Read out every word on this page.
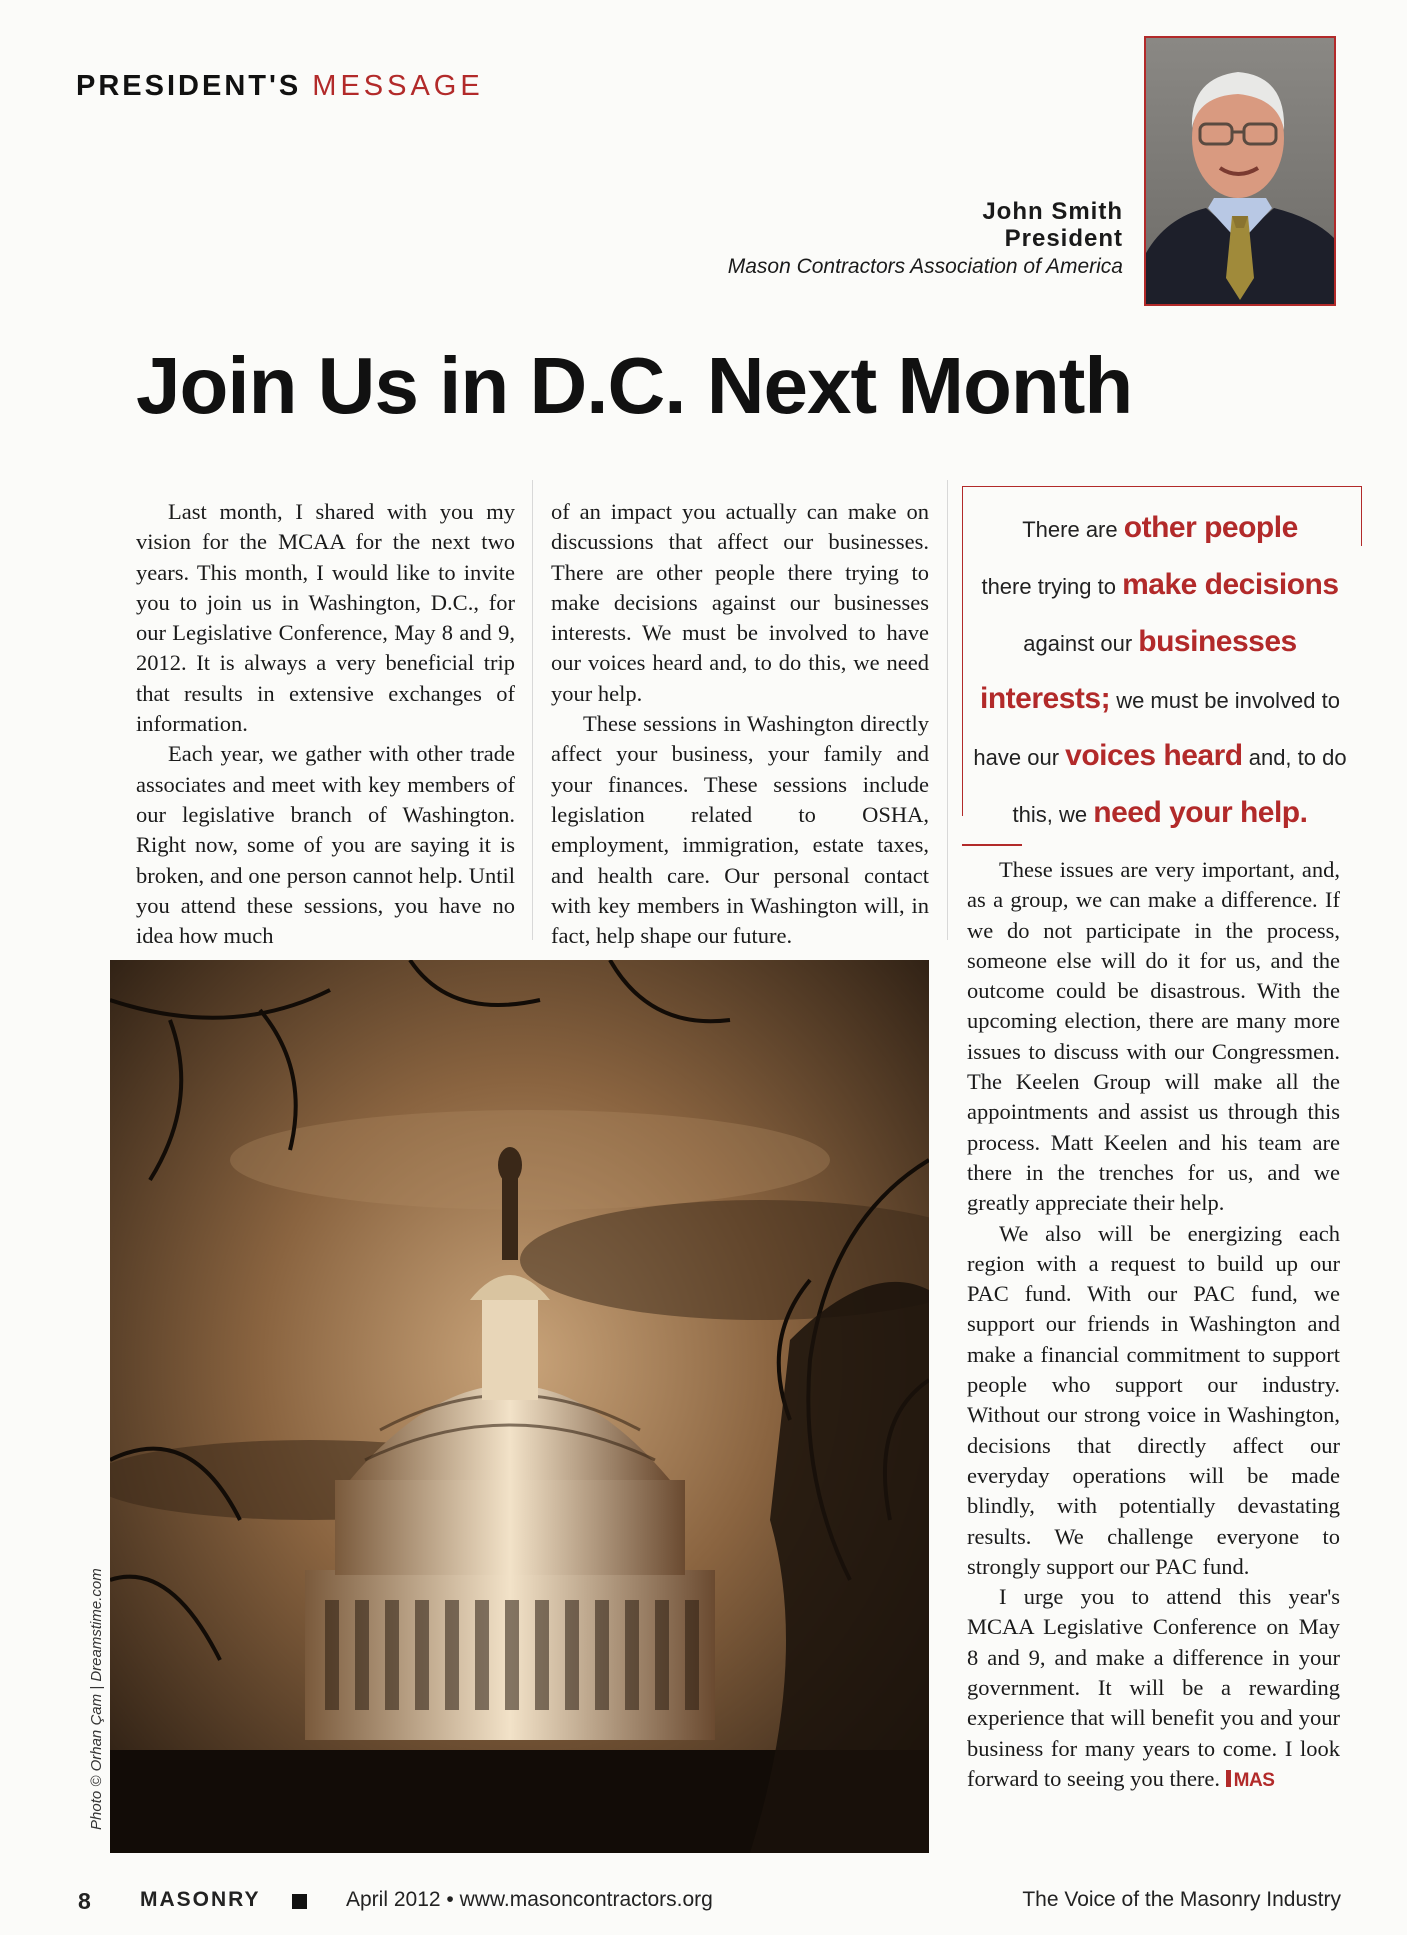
PRESIDENT'S MESSAGE
John Smith
President
Mason Contractors Association of America
Join Us in D.C. Next Month

Last month, I shared with you my vision for the MCAA for the next two years. This month, I would like to invite you to join us in Washington, D.C., for our Legislative Conference, May 8 and 9, 2012. It is always a very beneficial trip that results in extensive exchanges of information.

Each year, we gather with other trade associates and meet with key members of our legislative branch of Washington. Right now, some of you are saying it is broken, and one person cannot help. Until you attend these sessions, you have no idea how much

of an impact you actually can make on discussions that affect our businesses. There are other people there trying to make decisions against our businesses interests. We must be involved to have our voices heard and, to do this, we need your help.

These sessions in Washington directly affect your business, your family and your finances. These sessions include legislation related to OSHA, employment, immigration, estate taxes, and health care. Our personal contact with key members in Washington will, in fact, help shape our future.

There are other people
there trying to make decisions
against our businesses
interests; we must be involved to
have our voices heard and, to do
this, we need your help.

These issues are very important, and, as a group, we can make a difference. If we do not participate in the process, someone else will do it for us, and the outcome could be disastrous. With the upcoming election, there are many more issues to discuss with our Congressmen. The Keelen Group will make all the appointments and assist us through this process. Matt Keelen and his team are there in the trenches for us, and we greatly appreciate their help.

We also will be energizing each region with a request to build up our PAC fund. With our PAC fund, we support our friends in Washington and make a financial commitment to support people who support our industry. Without our strong voice in Washington, decisions that directly affect our everyday operations will be made blindly, with potentially devastating results. We challenge everyone to strongly support our PAC fund.

I urge you to attend this year's MCAA Legislative Conference on May 8 and 9, and make a difference in your government. It will be a rewarding experience that will benefit you and your business for many years to come. I look forward to seeing you there. MAS

Photo © Orhan Çam | Dreamstime.com
8 MASONRY	April 2012 • www.masoncontractors.org	The Voice of the Masonry Industry
